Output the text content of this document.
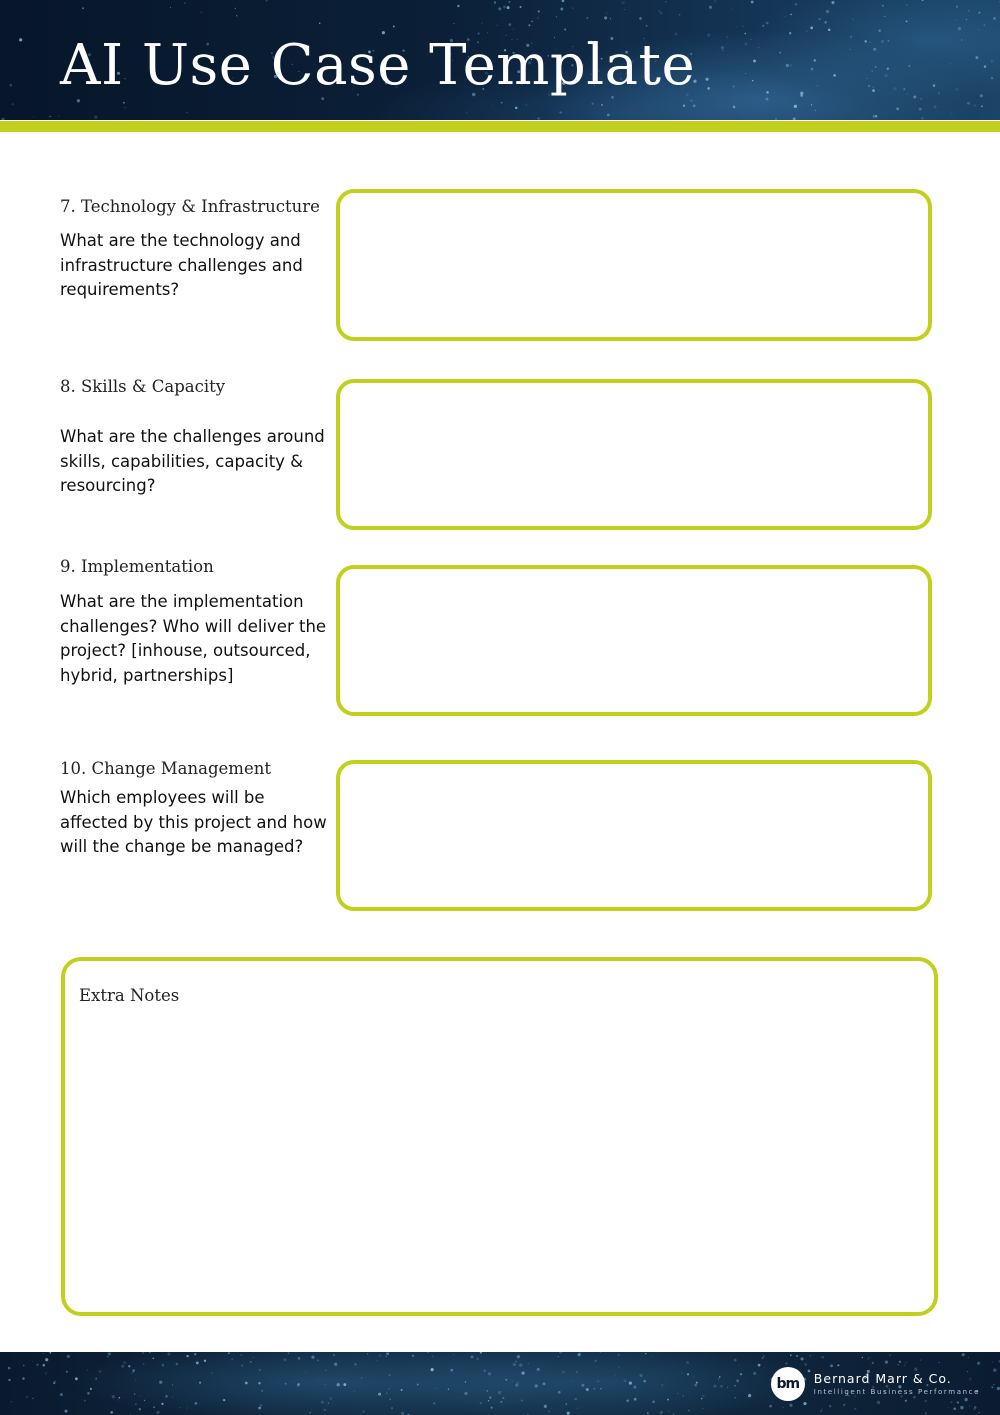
AI Use Case Template

7. Technology & Infrastructure

What are the technology and infrastructure challenges and requirements?

8. Skills & Capacity

What are the challenges around skills, capabilities, capacity & resourcing?

9. Implementation

What are the implementation challenges? Who will deliver the project? [inhouse, outsourced, hybrid, partnerships]

10. Change Management

Which employees will be affected by this project and how will the change be managed?

Extra Notes

bm	Bernard Marr & Co.
Intelligent Business Performance
